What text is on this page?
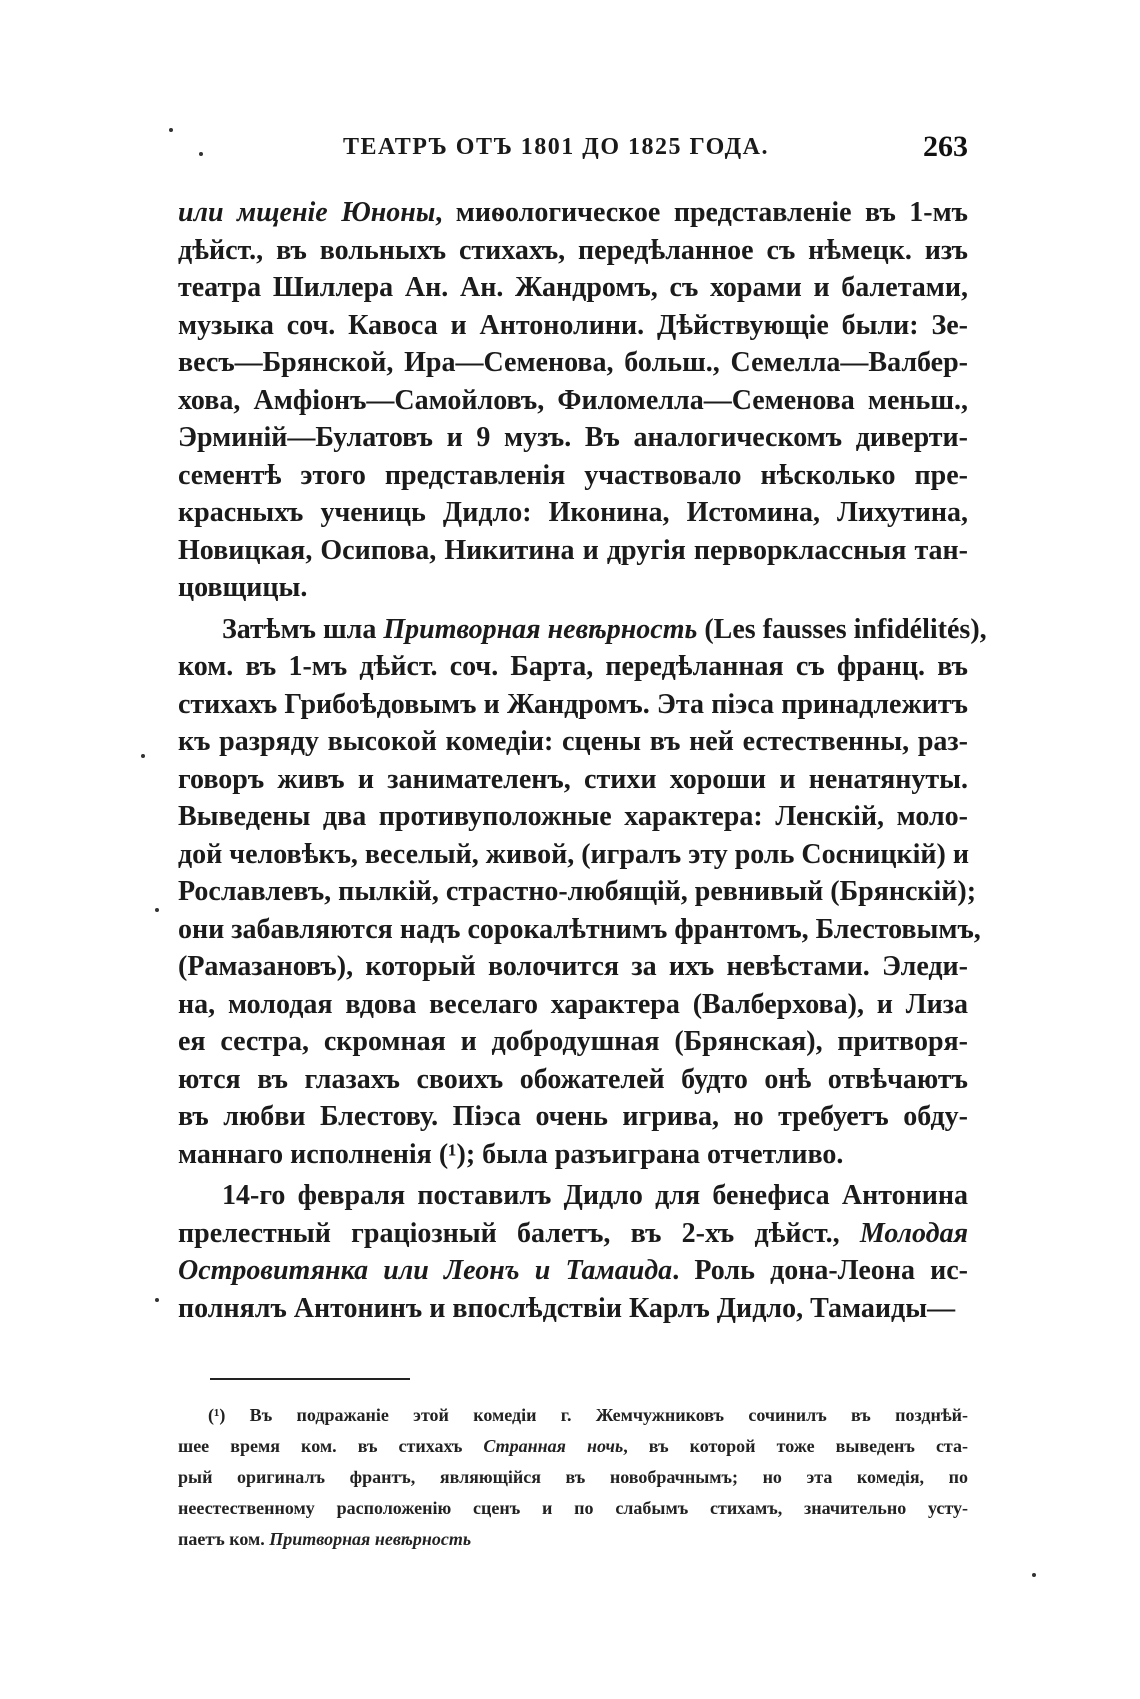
ТЕАТРЪ ОТЪ 1801 ДО 1825 ГОДА.	263
или мщеніе Юноны, миѳологическое представленіе въ 1-мъ
дѣйст., въ вольныхъ стихахъ, передѣланное съ нѣмецк. изъ
театра Шиллера Ан. Ан. Жандромъ, съ хорами и балетами,
музыка соч. Кавоса и Антонолини. Дѣйствующіе были: Зе-
весъ—Брянской, Ира—Семенова, больш., Семелла—Валбер-
хова, Амфіонъ—Самойловъ, Филомелла—Семенова меньш.,
Эрминій—Булатовъ и 9 музъ. Въ аналогическомъ диверти-
сементѣ этого представленія участвовало нѣсколько пре-
красныхъ учениць Дидло: Иконина, Истомина, Лихутина,
Новицкая, Осипова, Никитина и другія перворклассныя тан-
цовщицы.
Затѣмъ шла Притворная невѣрность (Les fausses infidélités),
ком. въ 1-мъ дѣйст. соч. Барта, передѣланная съ франц. въ
стихахъ Грибоѣдовымъ и Жандромъ. Эта піэса принадлежитъ
къ разряду высокой комедіи: сцены въ ней естественны, раз-
говоръ живъ и занимателенъ, стихи хороши и ненатянуты.
Выведены два противуположные характера: Ленскій, моло-
дой человѣкъ, веселый, живой, (игралъ эту роль Сосницкій) и
Рославлевъ, пылкій, страстно-любящій, ревнивый (Брянскій);
они забавляются надъ сорокалѣтнимъ франтомъ, Блестовымъ,
(Рамазановъ), который волочится за ихъ невѣстами. Эледи-
на, молодая вдова веселаго характера (Валберхова), и Лиза
ея сестра, скромная и добродушная (Брянская), притворя-
ются въ глазахъ своихъ обожателей будто онѣ отвѣчаютъ
въ любви Блестову. Піэса очень игрива, но требуетъ обду-
маннаго исполненія (¹); была разъиграна отчетливо.
14-го февраля поставилъ Дидло для бенефиса Антонина
прелестный граціозный балетъ, въ 2-хъ дѣйст., Молодая
Островитянка или Леонъ и Тамаида. Роль дона-Леона ис-
полнялъ Антонинъ и впослѣдствіи Карлъ Дидло, Тамаиды—
(¹) Въ подражаніе этой комедіи г. Жемчужниковъ сочинилъ въ позднѣй-
шее время ком. въ стихахъ Странная ночь, въ которой тоже выведенъ ста-
рый оригиналъ франтъ, являющійся въ новобрачнымъ; но эта комедія, по
неестественному расположенію сценъ и по слабымъ стихамъ, значительно усту-
паетъ ком. Притворная невѣрность
